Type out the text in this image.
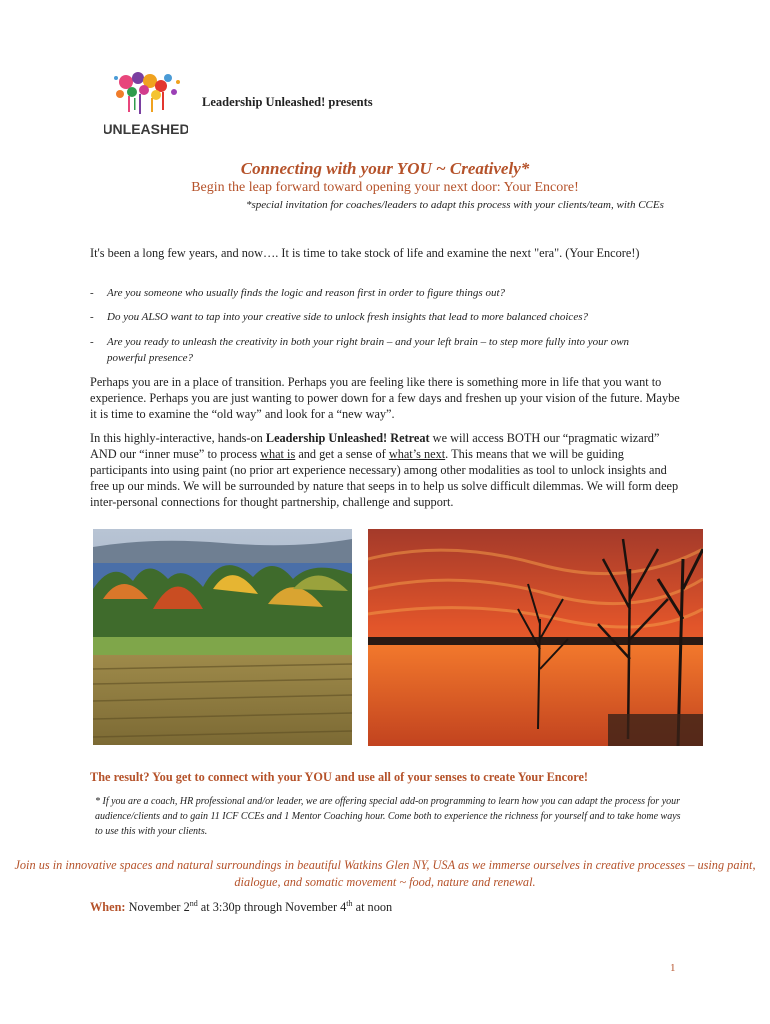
UNLEASHED
Leadership Unleashed! presents
Connecting with your YOU ~ Creatively*
Begin the leap forward toward opening your next door: Your Encore!
*special invitation for coaches/leaders to adapt this process with your clients/team, with CCEs
It's been a long few years, and now…. It is time to take stock of life and examine the next "era". (Your Encore!)
- Are you someone who usually finds the logic and reason first in order to figure things out?
- Do you ALSO want to tap into your creative side to unlock fresh insights that lead to more balanced choices?
- Are you ready to unleash the creativity in both your right brain – and your left brain – to step more fully into your own powerful presence?
Perhaps you are in a place of transition. Perhaps you are feeling like there is something more in life that you want to experience. Perhaps you are just wanting to power down for a few days and freshen up your vision of the future. Maybe it is time to examine the “old way” and look for a “new way”.
In this highly-interactive, hands-on Leadership Unleashed! Retreat we will access BOTH our “pragmatic wizard” AND our “inner muse” to process what is and get a sense of what’s next. This means that we will be guiding participants into using paint (no prior art experience necessary) among other modalities as tool to unlock insights and free up our minds. We will be surrounded by nature that seeps in to help us solve difficult dilemmas. We will form deep inter-personal connections for thought partnership, challenge and support.
The result? You get to connect with your YOU and use all of your senses to create Your Encore!
* If you are a coach, HR professional and/or leader, we are offering special add-on programming to learn how you can adapt the process for your audience/clients and to gain 11 ICF CCEs and 1 Mentor Coaching hour. Come both to experience the richness for yourself and to take home ways to use this with your clients.
Join us in innovative spaces and natural surroundings in beautiful Watkins Glen NY, USA as we immerse ourselves in creative processes – using paint, dialogue, and somatic movement ~ food, nature and renewal.
When: November 2nd at 3:30p through November 4th at noon
1
